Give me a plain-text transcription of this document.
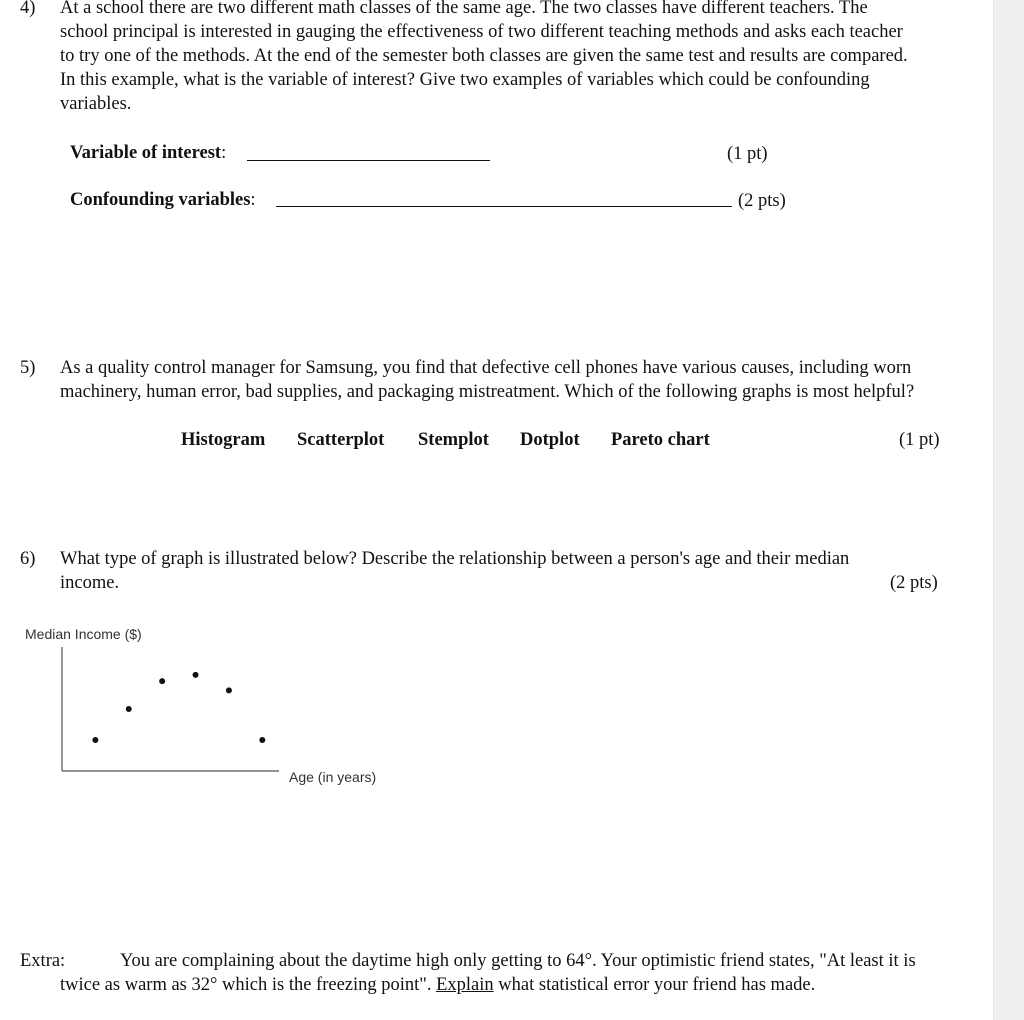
4) At a school there are two different math classes of the same age. The two classes have different teachers. The school principal is interested in gauging the effectiveness of two different teaching methods and asks each teacher to try one of the methods. At the end of the semester both classes are given the same test and results are compared. In this example, what is the variable of interest? Give two examples of variables which could be confounding variables.
Variable of interest:	(1 pt)
Confounding variables:	(2 pts)
5) As a quality control manager for Samsung, you find that defective cell phones have various causes, including worn machinery, human error, bad supplies, and packaging mistreatment. Which of the following graphs is most helpful?
Histogram Scatterplot Stemplot Dotplot Pareto chart	(1 pt)
6) What type of graph is illustrated below? Describe the relationship between a person's age and their median income.	(2 pts)
Median Income ($)
Age (in years)
Extra:	You are complaining about the daytime high only getting to 64°. Your optimistic friend states, "At least it is twice as warm as 32° which is the freezing point". Explain what statistical error your friend has made.
